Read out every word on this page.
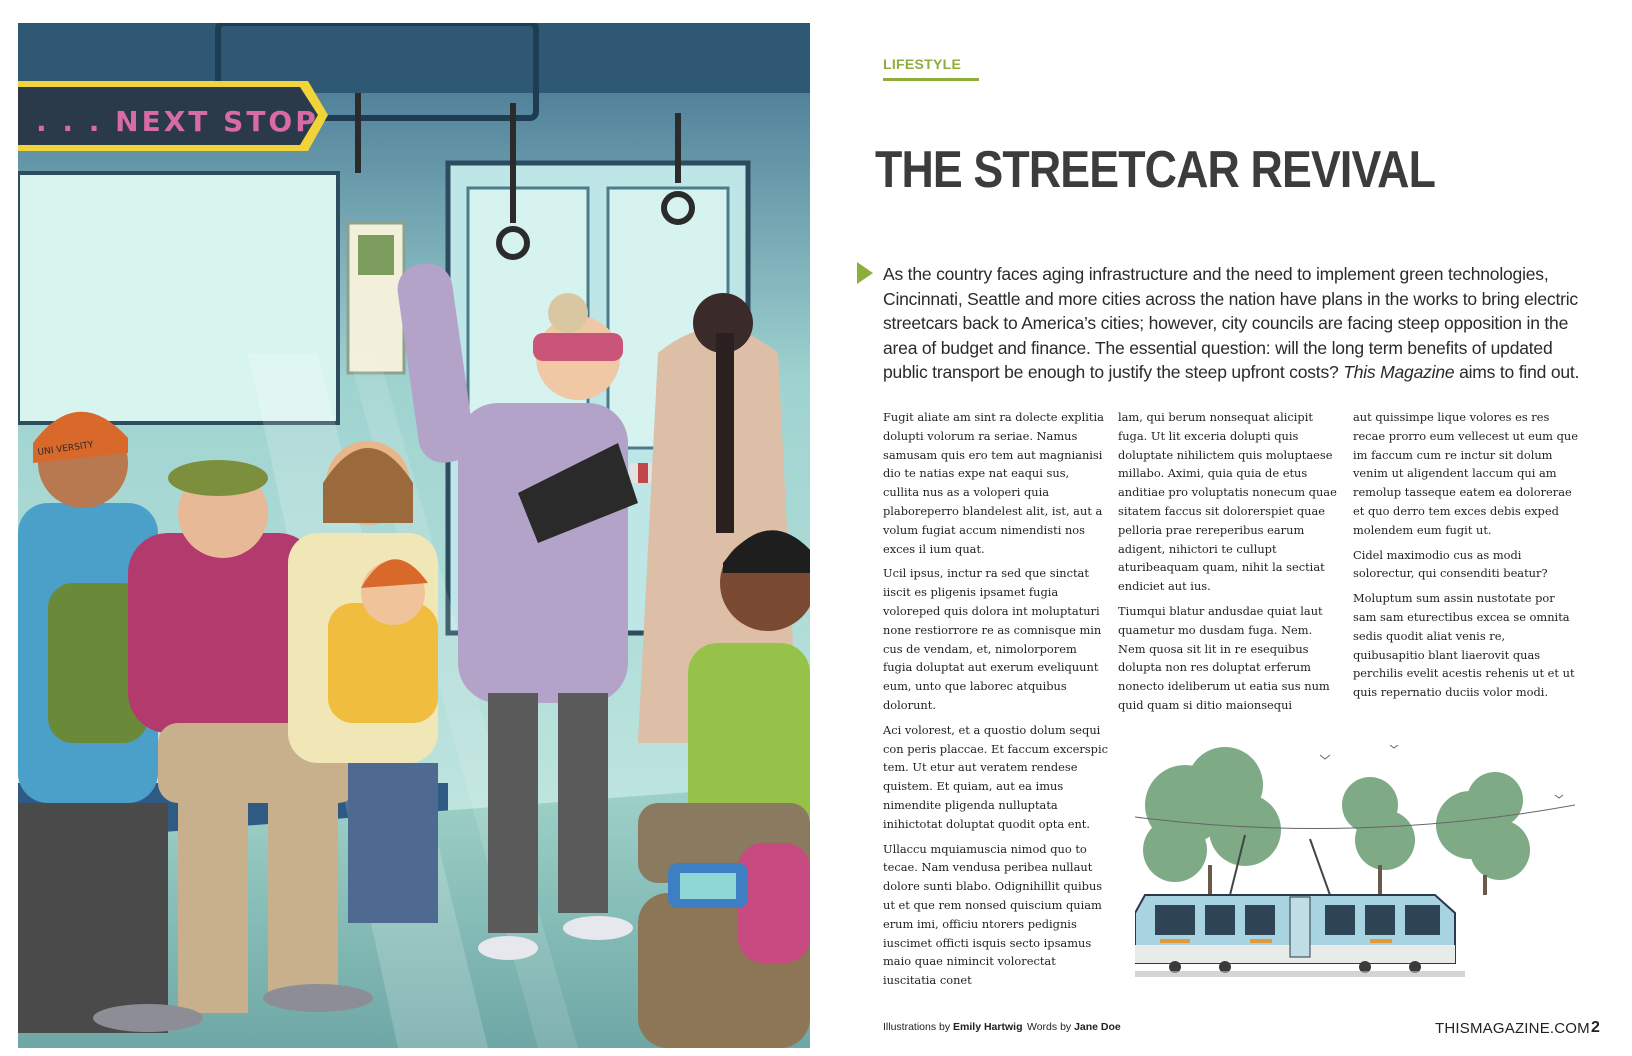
. . . NEXT STOP
UNI VERSITY
LIFESTYLE
THE STREETCAR REVIVAL

As the country faces aging infrastructure and the need to implement green technologies, Cincinnati, Seattle and more cities across the nation have plans in the works to bring electric streetcars back to America’s cities; however, city councils are facing steep opposition in the area of budget and finance. The essential question: will the long term benefits of updated public transport be enough to justify the steep upfront costs? This Magazine aims to find out.

Fugit aliate am sint ra dolecte explitia dolupti volorum ra seriae. Namus samusam quis ero tem aut magnianisi dio te natias expe nat eaqui sus, cullita nus as a volореri quia plaboreperro blandelest alit, ist, aut a volum fugiat accum nimendisti nos exces il ium quat.

Ucil ipsus, inctur ra sed que sinctat iiscit es pligenis ipsamet fugia voloreped quis dolora int moluptaturi none restiorrore re as comnisque min cus de vendam, et, nimolorporem fugia doluptat aut exerum eveliquunt eum, unto que laborec atquibus dolorunt.

Aci volorest, et a quostio dolum sequi con peris placcae. Et faccum excerspic tem. Ut etur aut veratem rendese quistem. Et quiam, aut ea imus nimendite pligenda nulluptata inihictotat doluptat quodit opta ent.

Ullaccu mquiamuscia nimod quo to tecae. Nam vendusa peribea nullaut dolore sunti blabo. Odignihillit quibus ut et que rem nonsed quiscium quiam erum imi, officiu ntorers pedignis iuscimet officti isquis secto ipsamus maio quae nimincit volorectat iuscitatia conet

lam, qui berum nonsequat alicipit fuga. Ut lit exceria dolupti quis doluptate nihilictem quis moluptaese millabo. Aximi, quia quia de etus anditiae pro voluptatis nonecum quae sitatem faccus sit dolorerspiet quae pelloria prae rereperibus earum adigent, nihictori te cullupt aturibeaquam quam, nihit la sectiat endiciet aut ius.

Tiumqui blatur andusdae quiat laut quametur mo dusdam fuga. Nem. Nem quosa sit lit in re esequibus dolupta non res doluptat erferum nonecto ideliberum ut eatia sus num quid quam si ditio maionsequi

aut quissimpe lique volores es res recae prorro eum vellecest ut eum que im faccum cum re inctur sit dolum venim ut aligendent laccum qui am remolup tasseque eatem ea dolorerae et quo derro tem exces debis exped molendem eum fugit ut.

Cidel maximodio cus as modi solorectur, qui consenditi beatur?

Moluptum sum assin nustotate por sam sam eturectibus excea se omnita sedis quodit aliat venis re, quibusapitio blant liaerovit quas perchilis evelit acestis rehenis ut et ut quis repernatio duciis volor modi.

Illustrations by Emily Hartwig Words by Jane Doe	THISMAGAZINE.COM 2
